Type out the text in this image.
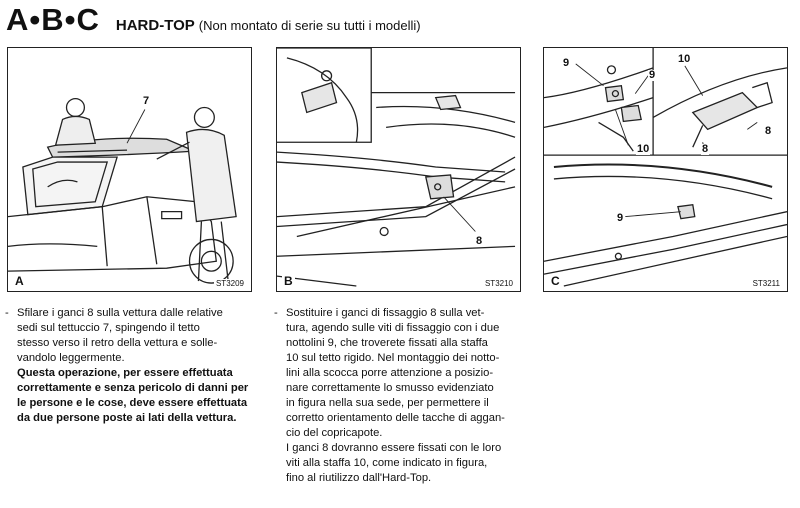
A•B•C HARD-TOP (Non montato di serie su tutti i modelli)
7
A	ST3209
8
B	ST3210
9
9
10
10
8
8
9
C	ST3211
- Sfilare i ganci 8 sulla vettura dalle relative

sedi sul tettuccio 7, spingendo il tetto

stesso verso il retro della vettura e solle-

vandolo leggermente.

Questa operazione, per essere effettuata

correttamente e senza pericolo di danni per

le persone e le cose, deve essere effettuata

da due persone poste ai lati della vettura.

- Sostituire i ganci di fissaggio 8 sulla vet-

tura, agendo sulle viti di fissaggio con i due

nottolini 9, che troverete fissati alla staffa

10 sul tetto rigido. Nel montaggio dei notto-

lini alla scocca porre attenzione a posizio-

nare correttamente lo smusso evidenziato

in figura nella sua sede, per permettere il

corretto orientamento delle tacche di aggan-

cio del copricapote.

I ganci 8 dovranno essere fissati con le loro

viti alla staffa 10, come indicato in figura,

fino al riutilizzo dall'Hard-Top.
